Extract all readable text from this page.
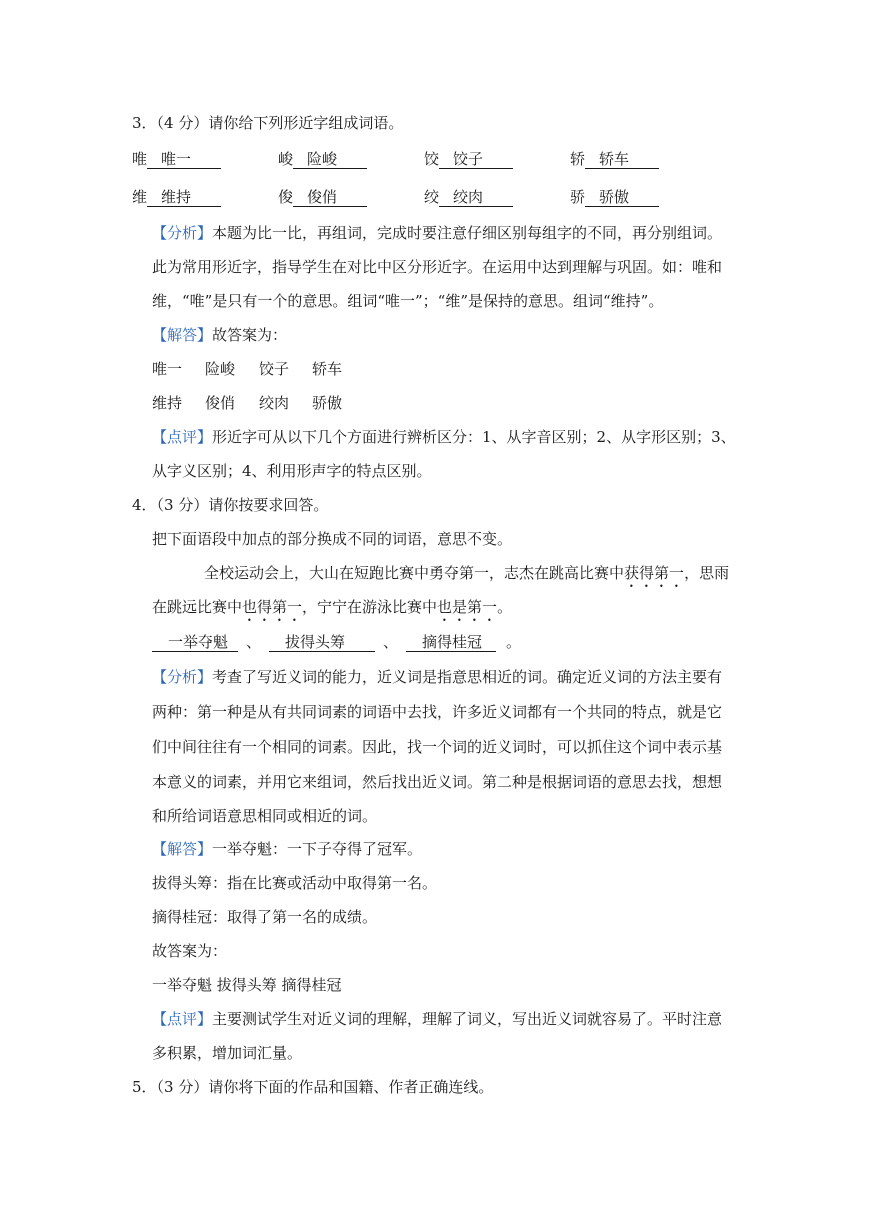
3．（4 分）请你给下列形近字组成词语。
唯 唯一	峻 险峻	饺 饺子	轿 轿车
维 维持	俊 俊俏	绞 绞肉	骄 骄傲
【分析】本题为比一比，再组词，完成时要注意仔细区别每组字的不同，再分别组词。
此为常用形近字，指导学生在对比中区分形近字。在运用中达到理解与巩固。如：唯和
维，“唯”是只有一个的意思。组词“唯一”；“维”是保持的意思。组词“维持”。
【解答】故答案为：
唯一 险峻 饺子 轿车
维持 俊俏 绞肉 骄傲
【点评】形近字可从以下几个方面进行辨析区分：1、从字音区别；2、从字形区别；3、
从字义区别；4、利用形声字的特点区别。
4．（3 分）请你按要求回答。
把下面语段中加点的部分换成不同的词语，意思不变。
全校运动会上，大山在短跑比赛中勇夺第一，志杰在跳高比赛中获得第一，思雨
在跳远比赛中也得第一，宁宁在游泳比赛中也是第一。
一举夺魁 、 拔得头筹	、 摘得桂冠 。
【分析】考查了写近义词的能力，近义词是指意思相近的词。确定近义词的方法主要有
两种：第一种是从有共同词素的词语中去找，许多近义词都有一个共同的特点，就是它
们中间往往有一个相同的词素。因此，找一个词的近义词时，可以抓住这个词中表示基
本意义的词素，并用它来组词，然后找出近义词。第二种是根据词语的意思去找，想想
和所给词语意思相同或相近的词。
【解答】一举夺魁：一下子夺得了冠军。
拔得头筹：指在比赛或活动中取得第一名。
摘得桂冠：取得了第一名的成绩。
故答案为：
一举夺魁 拔得头筹 摘得桂冠
【点评】主要测试学生对近义词的理解，理解了词义，写出近义词就容易了。平时注意
多积累，增加词汇量。
5．（3 分）请你将下面的作品和国籍、作者正确连线。
